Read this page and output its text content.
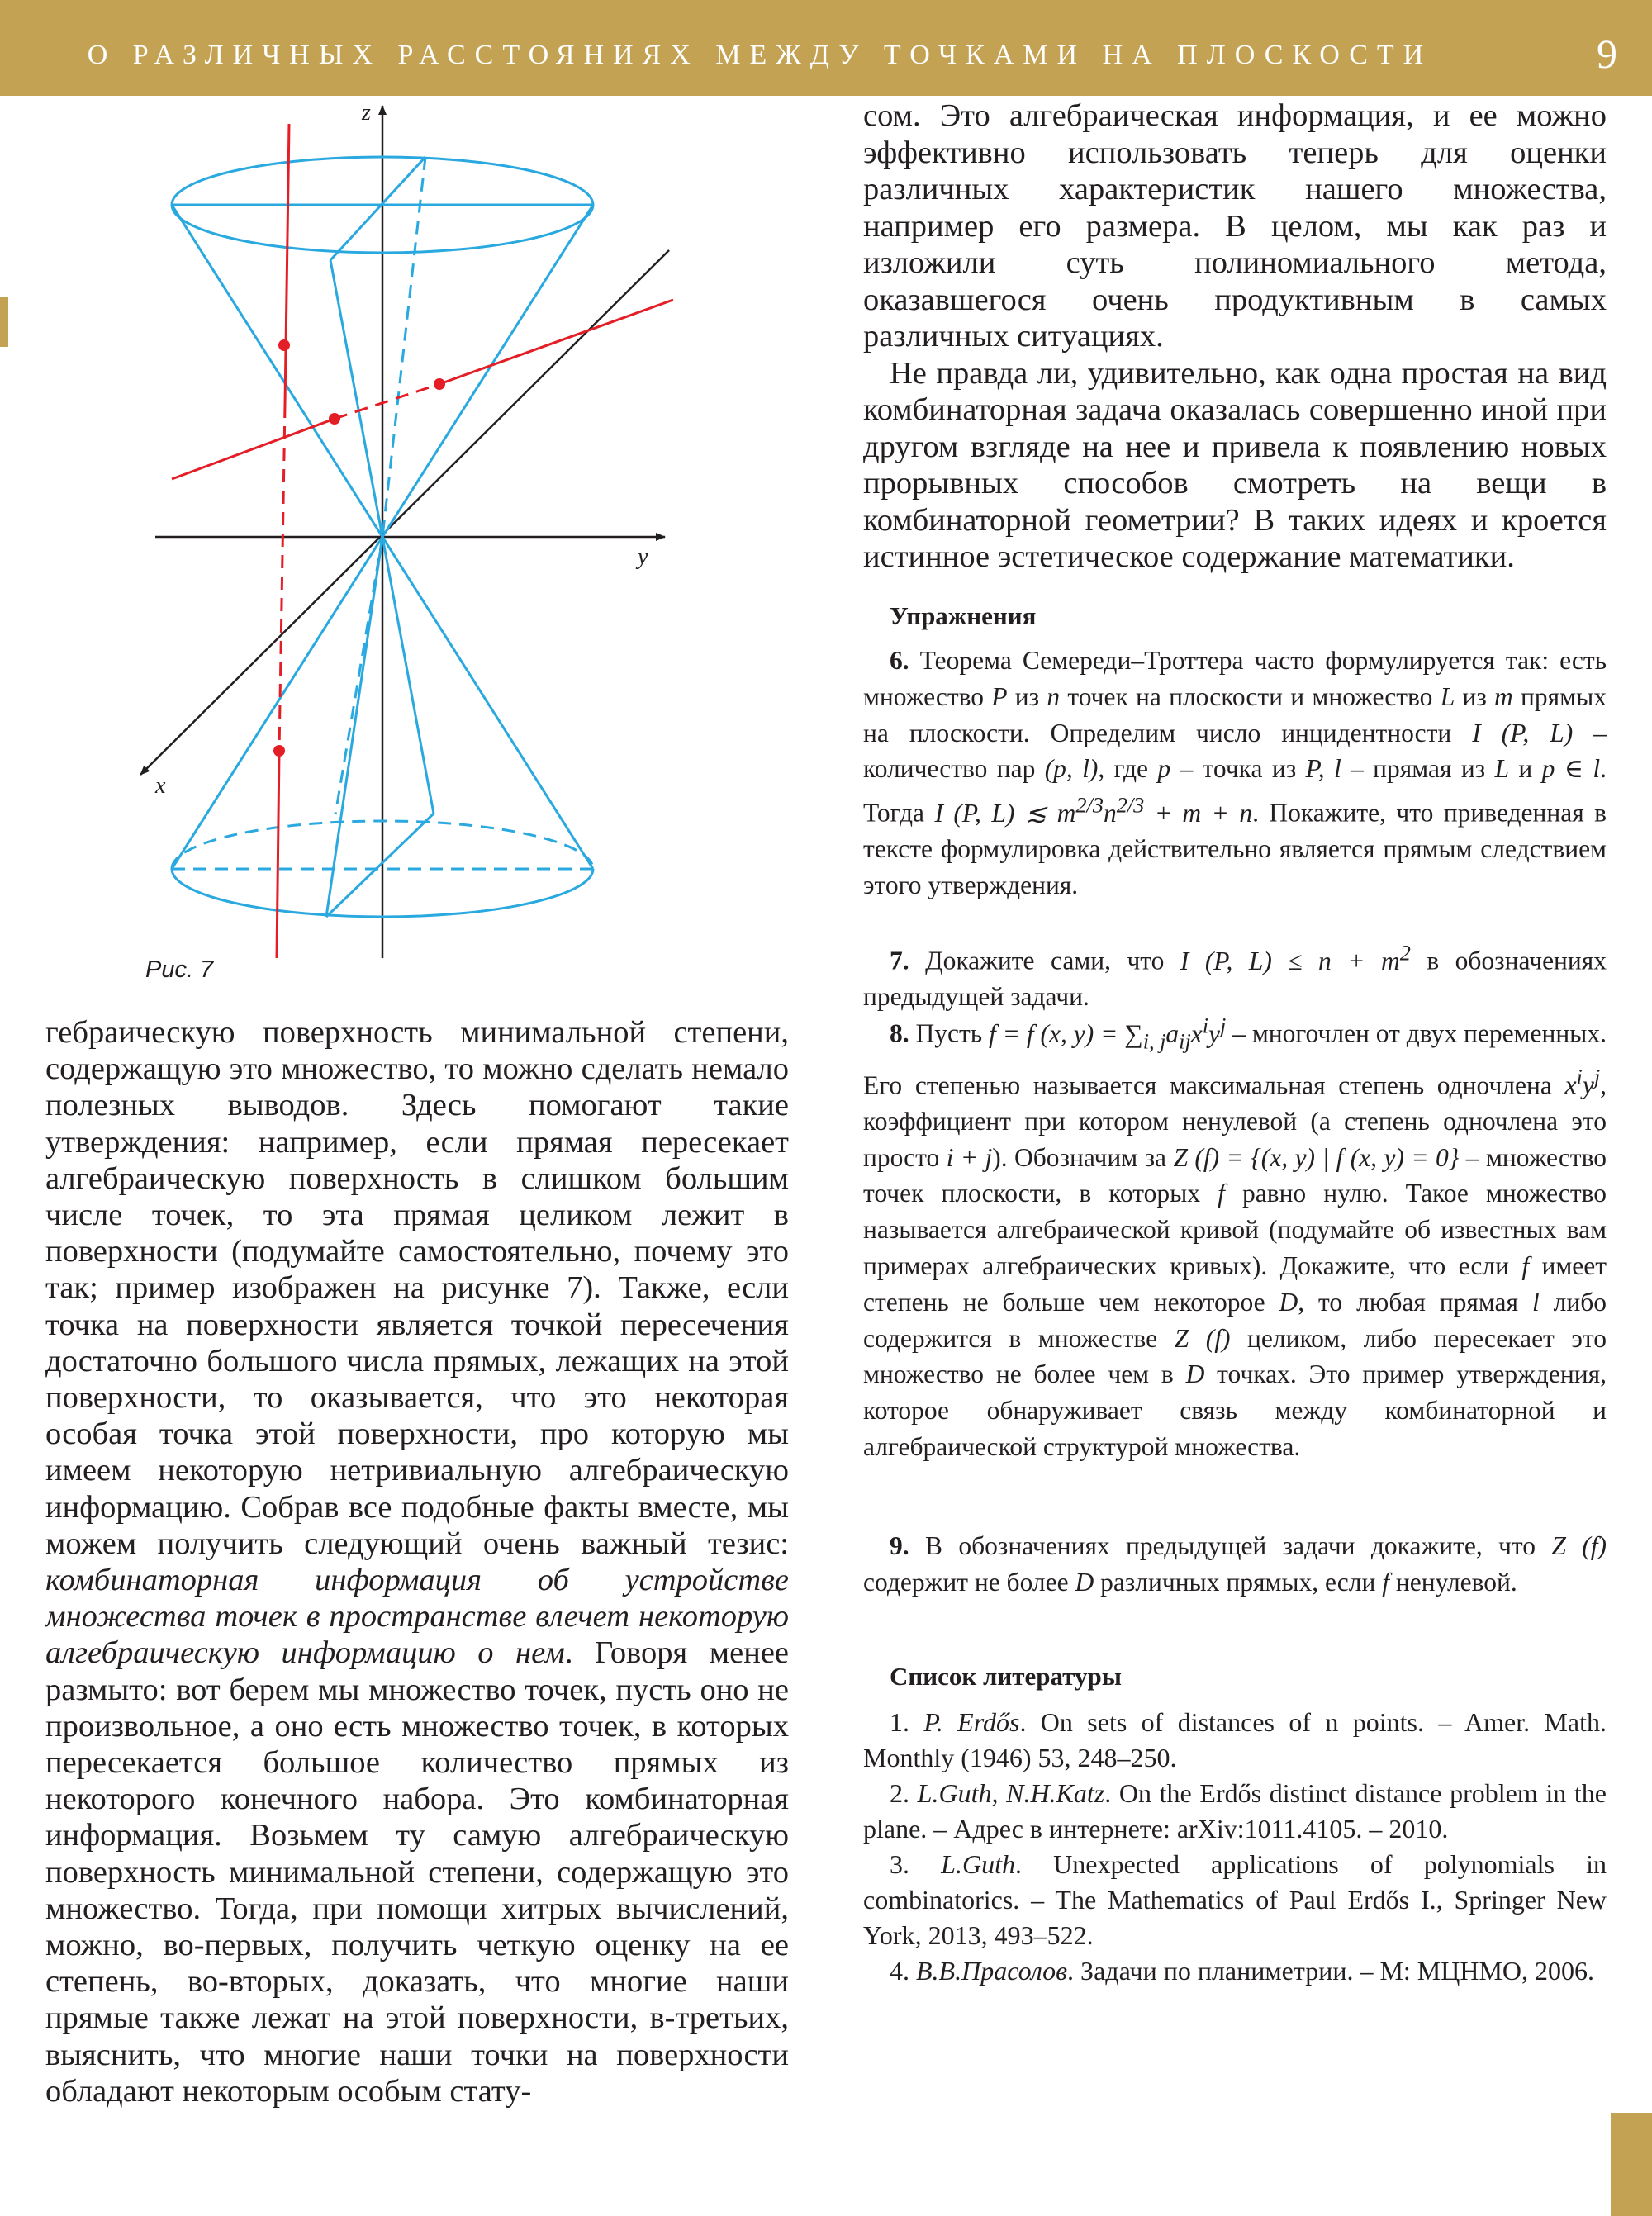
О РАЗЛИЧНЫХ РАССТОЯНИЯХ МЕЖДУ ТОЧКАМИ НА ПЛОСКОСТИ	9
z
y
x
Рис. 7

гебраическую поверхность минимальной степени, содержащую это множество, то можно сделать немало полезных выводов. Здесь помогают такие утверждения: например, если прямая пересекает алгебраическую поверхность в слишком большим числе точек, то эта прямая целиком лежит в поверхности (подумайте самостоятельно, почему это так; пример изображен на рисунке 7). Также, если точка на поверхности является точкой пересечения достаточно большого числа прямых, лежащих на этой поверхности, то оказывается, что это некоторая особая точка этой поверхности, про которую мы имеем некоторую нетривиальную алгебраическую информацию. Собрав все подобные факты вместе, мы можем получить следующий очень важный тезис: комбинаторная информация об устройстве множества точек в пространстве влечет некоторую алгебраическую информацию о нем. Говоря менее размыто: вот берем мы множество точек, пусть оно не произвольное, а оно есть множество точек, в которых пересекается большое количество прямых из некоторого конечного набора. Это комбинаторная информация. Возьмем ту самую алгебраическую поверхность минимальной степени, содержащую это множество. Тогда, при помощи хитрых вычислений, можно, во-первых, получить четкую оценку на ее степень, во-вторых, доказать, что многие наши прямые также лежат на этой поверхности, в-третьих, выяснить, что многие наши точки на поверхности обладают некоторым особым стату-

сом. Это алгебраическая информация, и ее можно эффективно использовать теперь для оценки различных характеристик нашего множества, например его размера. В целом, мы как раз и изложили суть полиномиального метода, оказавшегося очень продуктивным в самых различных ситуациях.

Не правда ли, удивительно, как одна простая на вид комбинаторная задача оказалась совершенно иной при другом взгляде на нее и привела к появлению новых прорывных способов смотреть на вещи в комбинаторной геометрии? В таких идеях и кроется истинное эстетическое содержание математики.

Упражнения

6. Теорема Семереди–Троттера часто формулируется так: есть множество P из n точек на плоскости и множество L из m прямых на плоскости. Определим число инцидентности I (P, L) – количество пар (p, l), где p – точка из P, l – прямая из L и p ∈ l. Тогда I (P, L) ≲ $m^{2/3}n^{2/3} + m + n$. Покажите, что приведенная в тексте формулировка действительно является прямым следствием этого утверждения.

7. Докажите сами, что I (P, $L) \le n + m^2$ в обозначениях предыдущей задачи.

8. Пусть f = f (x, $y) = \sum_{i, j}a_{ij}x^iy^j$ – многочлен от двух переменных. Его степенью называется максимальная степень одночлена $x^iy^j$, коэффициент при котором ненулевой (а степень одночлена это просто i + j). Обозначим за Z (f) = {(x, y) | f (x, y) = 0} – множество точек плоскости, в которых f равно нулю. Такое множество называется алгебраической кривой (подумайте об известных вам примерах алгебраических кривых). Докажите, что если f имеет степень не больше чем некоторое D, то любая прямая l либо содержится в множестве Z (f) целиком, либо пересекает это множество не более чем в D точках. Это пример утверждения, которое обнаруживает связь между комбинаторной и алгебраической структурой множества.

9. В обозначениях предыдущей задачи докажите, что Z (f) содержит не более D различных прямых, если f ненулевой.

Список литературы

1. P. Erdős. On sets of distances of n points. – Amer. Math. Monthly (1946) 53, 248–250.

2. L.Guth, N.H.Katz. On the Erdős distinct distance problem in the plane. – Адрес в интернете: arXiv:1011.4105. – 2010.

3. L.Guth. Unexpected applications of polynomials in combinatorics. – The Mathematics of Paul Erdős I., Springer New York, 2013, 493–522.

4. В.В.Прасолов. Задачи по планиметрии. – М: МЦНМО, 2006.
